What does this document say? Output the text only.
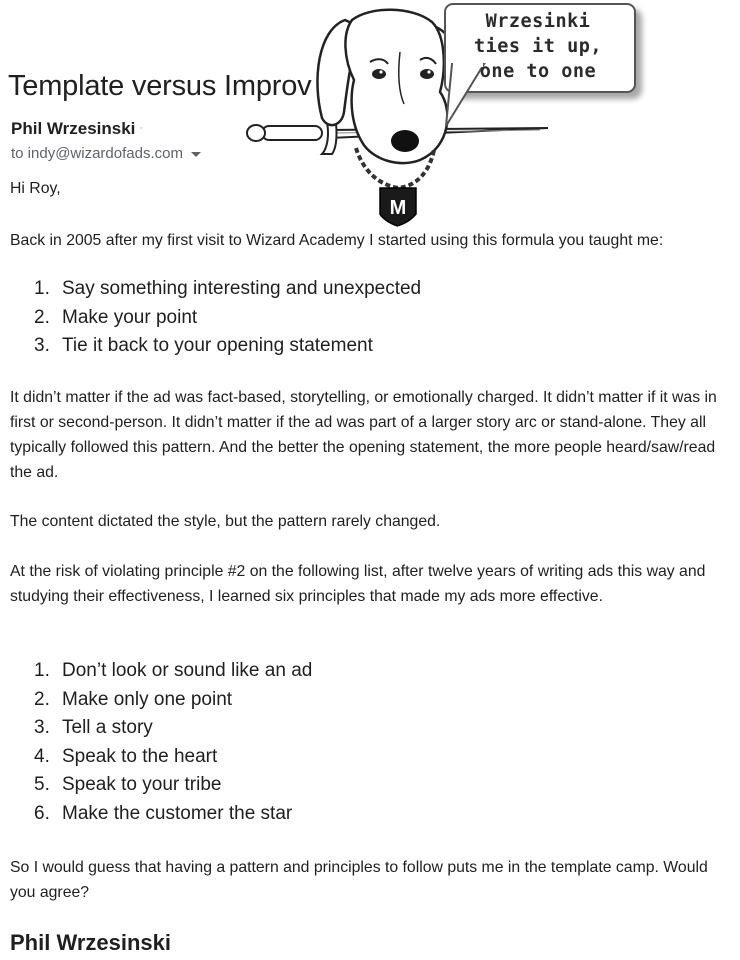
Template versus Improv
Phil Wrzesinski ·
to indy@wizardofads.com
Hi Roy,
Back in 2005 after my first visit to Wizard Academy I started using this formula you taught me:
1. Say something interesting and unexpected
2. Make your point
3. Tie it back to your opening statement
It didn’t matter if the ad was fact-based, storytelling, or emotionally charged. It didn’t matter if it was in first or second-person. It didn’t matter if the ad was part of a larger story arc or stand-alone. They all typically followed this pattern. And the better the opening statement, the more people heard/saw/read the ad.
The content dictated the style, but the pattern rarely changed.
At the risk of violating principle #2 on the following list, after twelve years of writing ads this way and studying their effectiveness, I learned six principles that made my ads more effective.
1. Don’t look or sound like an ad
2. Make only one point
3. Tell a story
4. Speak to the heart
5. Speak to your tribe
6. Make the customer the star
So I would guess that having a pattern and principles to follow puts me in the template camp. Would you agree?
Phil Wrzesinski
M
Wrzesinki
ties it up,
one to one
